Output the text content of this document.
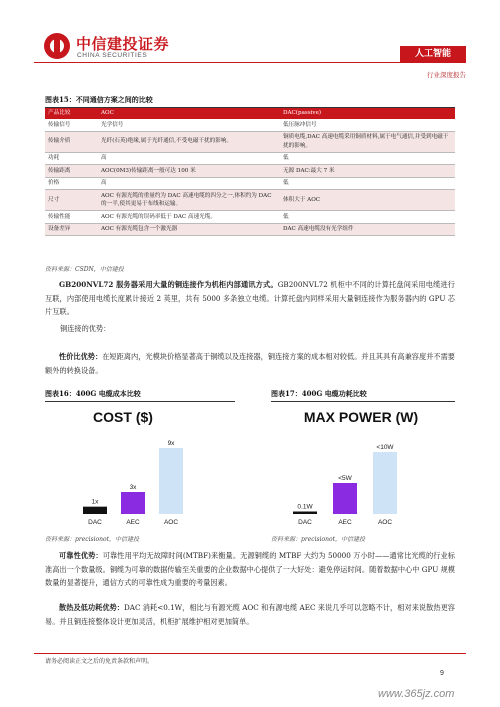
中信建投证券
CHINA SECURITIES	人工智能
行业深度报告
图表15：不同通信方案之间的比较
产品比较	AOC	DAC(passive)
传输信号	光学信号	低压脉冲信号
传输介质	光纤(石英)绝缘,属于光纤通信,不受电磁干扰的影响。	铜质电缆,DAC 高速电缆采用铜质材料,属于电气通信,并受到电磁干扰的影响。
功耗	高	低
传输距离	AOC(0M3)传输距离一般可达 100 米	无源 DAC:最大 7 米
价格	高	低
尺寸	AOC 有源光缆的重量约为 DAC 高速电缆的四分之一,体积约为 DAC 的一半,使其更易于布线和运输。	体积大于 AOC
传输性能	AOC 有源光缆的误码率低于 DAC 高速光缆。	低
设备差异	AOC 有源光缆包含一个激光器	DAC 高速电缆没有光学组件
资料来源：CSDN，中信建投
GB200NVL72 服务器采用大量的铜连接作为机柜内部通讯方式。GB200NVL72 机柜中不同的计算托盘间采用电缆进行互联，内部使用电缆长度累计接近 2 英里，共有 5000 多条独立电缆。计算托盘内同样采用大量铜连接作为服务器内的 GPU 芯片互联。
铜连接的优势：
性价比优势：在短距离内，光模块价格显著高于铜缆以及连接器，铜连接方案的成本相对较低。并且其具有高兼容度并不需要额外的转换设备。
图表16：400G 电缆成本比较	图表17：400G 电缆功耗比较
COST ($)
1x
DAC
3x
AEC
9x
AOC
MAX POWER (W)
0.1W
DAC
<5W
AEC
<10W
AOC
资料来源：precisionot，中信建投	资料来源：precisionot，中信建投
可靠性优势：可靠性用平均无故障时间(MTBF)来衡量。无源铜缆的 MTBF 大约为 50000 万小时——通常比光缆的行业标准高出一个数量级。铜缆为可靠的数据传输至关重要的企业数据中心提供了一大好处：避免停运时间。随着数据中心中 GPU 规模数量的显著提升，通信方式的可靠性成为重要的考量因素。
散热及低功耗优势：DAC 消耗<0.1W，相比与有源光缆 AOC 和有源电缆 AEC 来说几乎可以忽略不计，相对来说散热更容易。并且铜连接整体设计更加灵活，机柜扩展维护相对更加简单。
请务必阅读正文之后的免责条款和声明。
9
www.365jz.com
